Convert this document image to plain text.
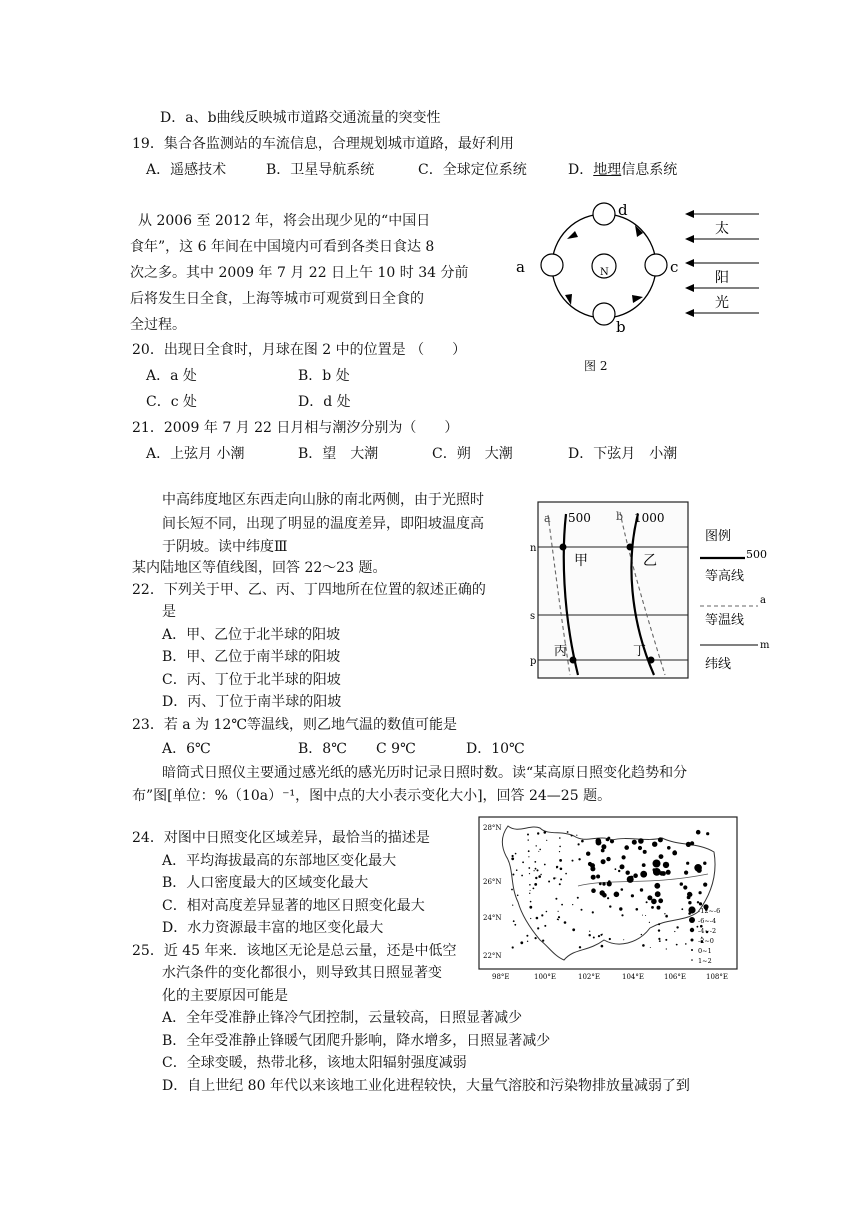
D．a、b曲线反映城市道路交通流量的突变性
19．集合各监测站的车流信息，合理规划城市道路，最好利用
A．遥感技术	B．卫星导航系统	C．全球定位系统	D．地理信息系统
从 2006 至 2012 年，将会出现少见的“中国日
食年”，这 6 年间在中国境内可看到各类日食达 8
次之多。其中 2009 年 7 月 22 日上午 10 时 34 分前
后将发生日全食，上海等城市可观赏到日全食的
全过程。
N
d
b
a	c
太
阳
光
图 2
20．出现日全食时，月球在图 2 中的位置是 （　　）
A．a 处	B．b 处
C．c 处	D．d 处
21．2009 年 7 月 22 日月相与潮汐分别为（　　）
A．上弦月 小潮	B．望　大潮	C．朔　大潮	D．下弦月　小潮
中高纬度地区东西走向山脉的南北两侧，由于光照时
间长短不同，出现了明显的温度差异，即阳坡温度高
于阴坡。读中纬度Ⅲ
某内陆地区等值线图，回答 22～23 题。
a 500 b 1000
n
s
p
甲	乙
丙	丁
图例
500
等高线
a
等温线
m
纬线
22．下列关于甲、乙、丙、丁四地所在位置的叙述正确的
是
A．甲、乙位于北半球的阳坡
B．甲、乙位于南半球的阳坡
C．丙、丁位于北半球的阳坡
D．丙、丁位于南半球的阳坡
23．若 a 为 12℃等温线，则乙地气温的数值可能是
A．6℃	B．8℃ C 9℃	D．10℃
暗筒式日照仪主要通过感光纸的感光历时记录日照时数。读“某高原日照变化趋势和分
布”图[单位：%（10a）⁻¹，图中点的大小表示变化大小]，回答 24—25 题。
28°N
26°N
24°N
22°N
98°E	100°E	102°E	104°E	106°E	108°E
-12~-6
-6~-4
-4~-2
-2~0
0~1
1~2
24．对图中日照变化区域差异，最恰当的描述是
A．平均海拔最高的东部地区变化最大
B．人口密度最大的区域变化最大
C．相对高度差异显著的地区日照变化最大
D．水力资源最丰富的地区变化最大
25．近 45 年来．该地区无论是总云量，还是中低空
水汽条件的变化都很小，则导致其日照显著变
化的主要原因可能是
A．全年受准静止锋冷气团控制，云量较高，日照显著减少
B．全年受准静止锋暖气团爬升影响，降水增多，日照显著减少
C．全球变暖，热带北移，该地太阳辐射强度减弱
D．自上世纪 80 年代以来该地工业化进程较快，大量气溶胶和污染物排放量减弱了到
